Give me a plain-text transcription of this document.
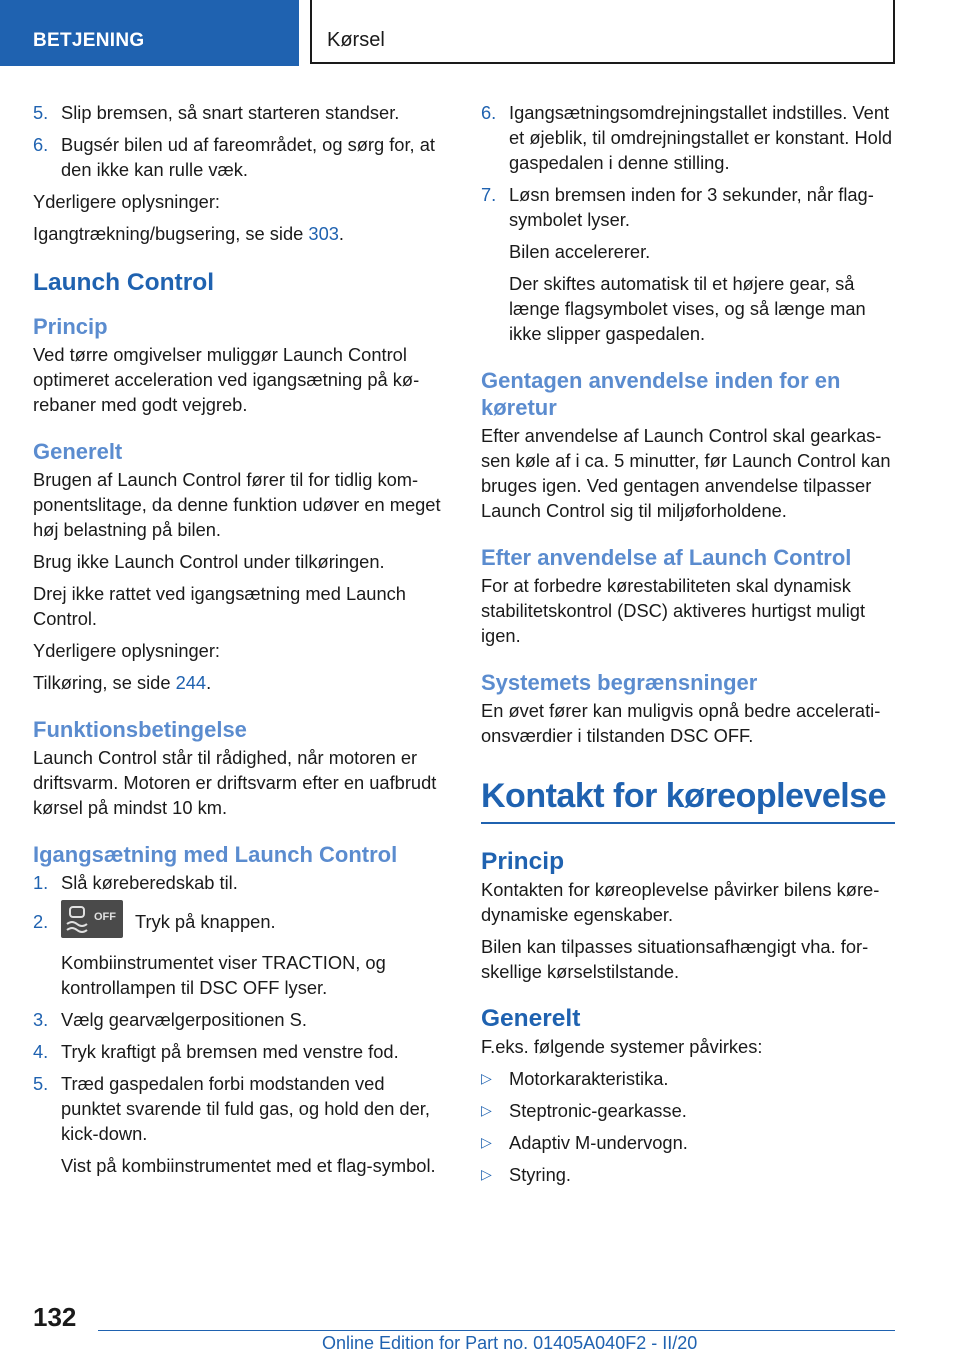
BETJENING	Kørsel
5. Slip bremsen, så snart starteren standser.
6. Bugsér bilen ud af fareområdet, og sørg for, at den ikke kan rulle væk.

Yderligere oplysninger:

Igangtrækning/bugsering, se side 303.

Launch Control
Princip

Ved tørre omgivelser muliggør Launch Control optimeret acceleration ved igangsætning på kørebaner med godt vejgreb.

Generelt

Brugen af Launch Control fører til for tidlig komponentslitage, da denne funktion udøver en meget høj belastning på bilen.

Brug ikke Launch Control under tilkøringen.

Drej ikke rattet ved igangsætning med Launch Control.

Yderligere oplysninger:

Tilkøring, se side 244.

Funktionsbetingelse

Launch Control står til rådighed, når motoren er driftsvarm. Motoren er driftsvarm efter en uafbrudt kørsel på mindst 10 km.

Igangsætning med Launch Control
1. Slå køreberedskab til.
2.	OFF Tryk på knappen.
Kombiinstrumentet viser TRACTION, og kontrollampen til DSC OFF lyser.
3. Vælg gearvælgerpositionen S.
4. Tryk kraftigt på bremsen med venstre fod.
5. Træd gaspedalen forbi modstanden ved punktet svarende til fuld gas, og hold den der, kick-down.
Vist på kombiinstrumentet med et flag-symbol.
6. Igangsætningsomdrejningstallet indstilles. Vent et øjeblik, til omdrejningstallet er konstant. Hold gaspedalen i denne stilling.
7. Løsn bremsen inden for 3 sekunder, når flagsymbolet lyser.
Bilen accelererer.
Der skiftes automatisk til et højere gear, så længe flagsymbolet vises, og så længe man ikke slipper gaspedalen.
Gentagen anvendelse inden for en køretur

Efter anvendelse af Launch Control skal gearkassen køle af i ca. 5 minutter, før Launch Control kan bruges igen. Ved gentagen anvendelse tilpasser Launch Control sig til miljøforholdene.

Efter anvendelse af Launch Control

For at forbedre kørestabiliteten skal dynamisk stabilitetskontrol (DSC) aktiveres hurtigst muligt igen.

Systemets begrænsninger

En øvet fører kan muligvis opnå bedre accelerationsværdier i tilstanden DSC OFF.

Kontakt for køreoplevelse
Princip

Kontakten for køreoplevelse påvirker bilens køredynamiske egenskaber.

Bilen kan tilpasses situationsafhængigt vha. forskellige kørselstilstande.

Generelt

F.eks. følgende systemer påvirkes:

▷ Motorkarakteristika.
▷ Steptronic-gearkasse.
▷ Adaptiv M-undervogn.
▷ Styring.
132
Online Edition for Part no. 01405A040F2 - II/20
